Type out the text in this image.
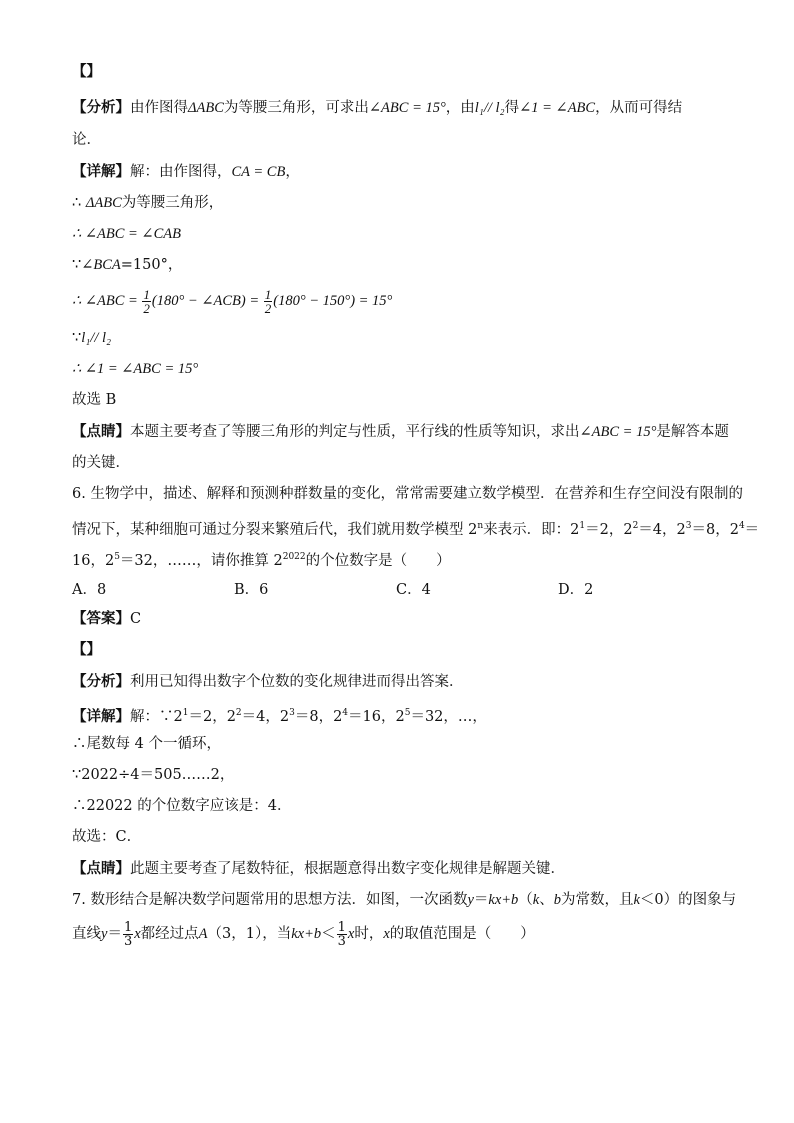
【】
【分析】由作图得ΔABC为等腰三角形，可求出∠ABC = 15°，由l₁// l₂得∠1 = ∠ABC，从而可得结
论．
【详解】解：由作图得，CA = CB，
∴ ΔABC为等腰三角形，
∴ ∠ABC = ∠CAB
∵∠BCA=150°，
∴ ∠ABC = $\frac{1}{2} (180^\circ$ − ∠ACB) = $\frac{1}{2} (180^\circ - 150^\circ) = 15^\circ$
∵l₁// l₂
∴ ∠1 = ∠ABC = 15°
故选 B
【点睛】本题主要考查了等腰三角形的判定与性质，平行线的性质等知识，求出∠ABC = 15°是解答本题
的关键．
6. 生物学中，描述、解释和预测种群数量的变化，常常需要建立数学模型．在营养和生存空间没有限制的
情况下，某种细胞可通过分裂来繁殖后代，我们就用数学模型 2$^n$来表示．即：$2^1=2$，$2^2=4$，$2^3=8$，$2^4=$
16，$2^5=32$，……，请你推算 $2^{2022}$的个位数字是（　　）
A．8	B．6	C．4	D．2
【答案】C
【】
【分析】利用已知得出数字个位数的变化规律进而得出答案．
【详解】解：$\because 2^1=2$，$2^2=4$，$2^3=8$，$2^4=16$，$2^5=32$，…，
∴尾数每 4 个一循环，
∵2022÷4＝505……2，
∴22022 的个位数字应该是：4．
故选：C．
【点睛】此题主要考查了尾数特征，根据题意得出数字变化规律是解题关键．
7. 数形结合是解决数学问题常用的思想方法．如图，一次函数y＝kx+b（k、b为常数，且k＜0）的图象与
直线$y= \frac{1}{3}$ x都经过点A（3，1），当$kx+b< \frac{1}{3}$ x时，x的取值范围是（　　）
